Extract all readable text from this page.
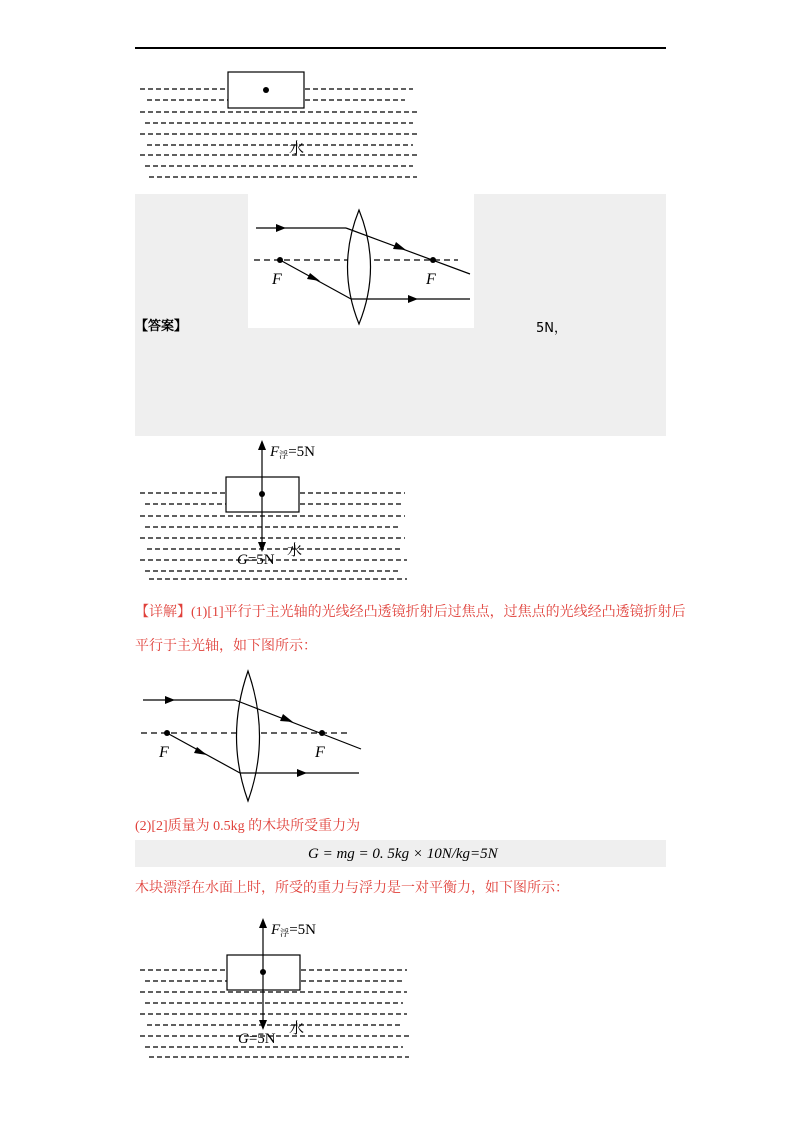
水
F	F
【答案】	5N，
F浮=5N
G=5N
水
【详解】(1)[1]平行于主光轴的光线经凸透镜折射后过焦点，过焦点的光线经凸透镜折射后
平行于主光轴，如下图所示：
F	F
(2)[2]质量为 0.5kg 的木块所受重力为
G = mg = 0. 5kg × 10N/kg=5N
木块漂浮在水面上时，所受的重力与浮力是一对平衡力，如下图所示：
F浮=5N
G=5N
水
